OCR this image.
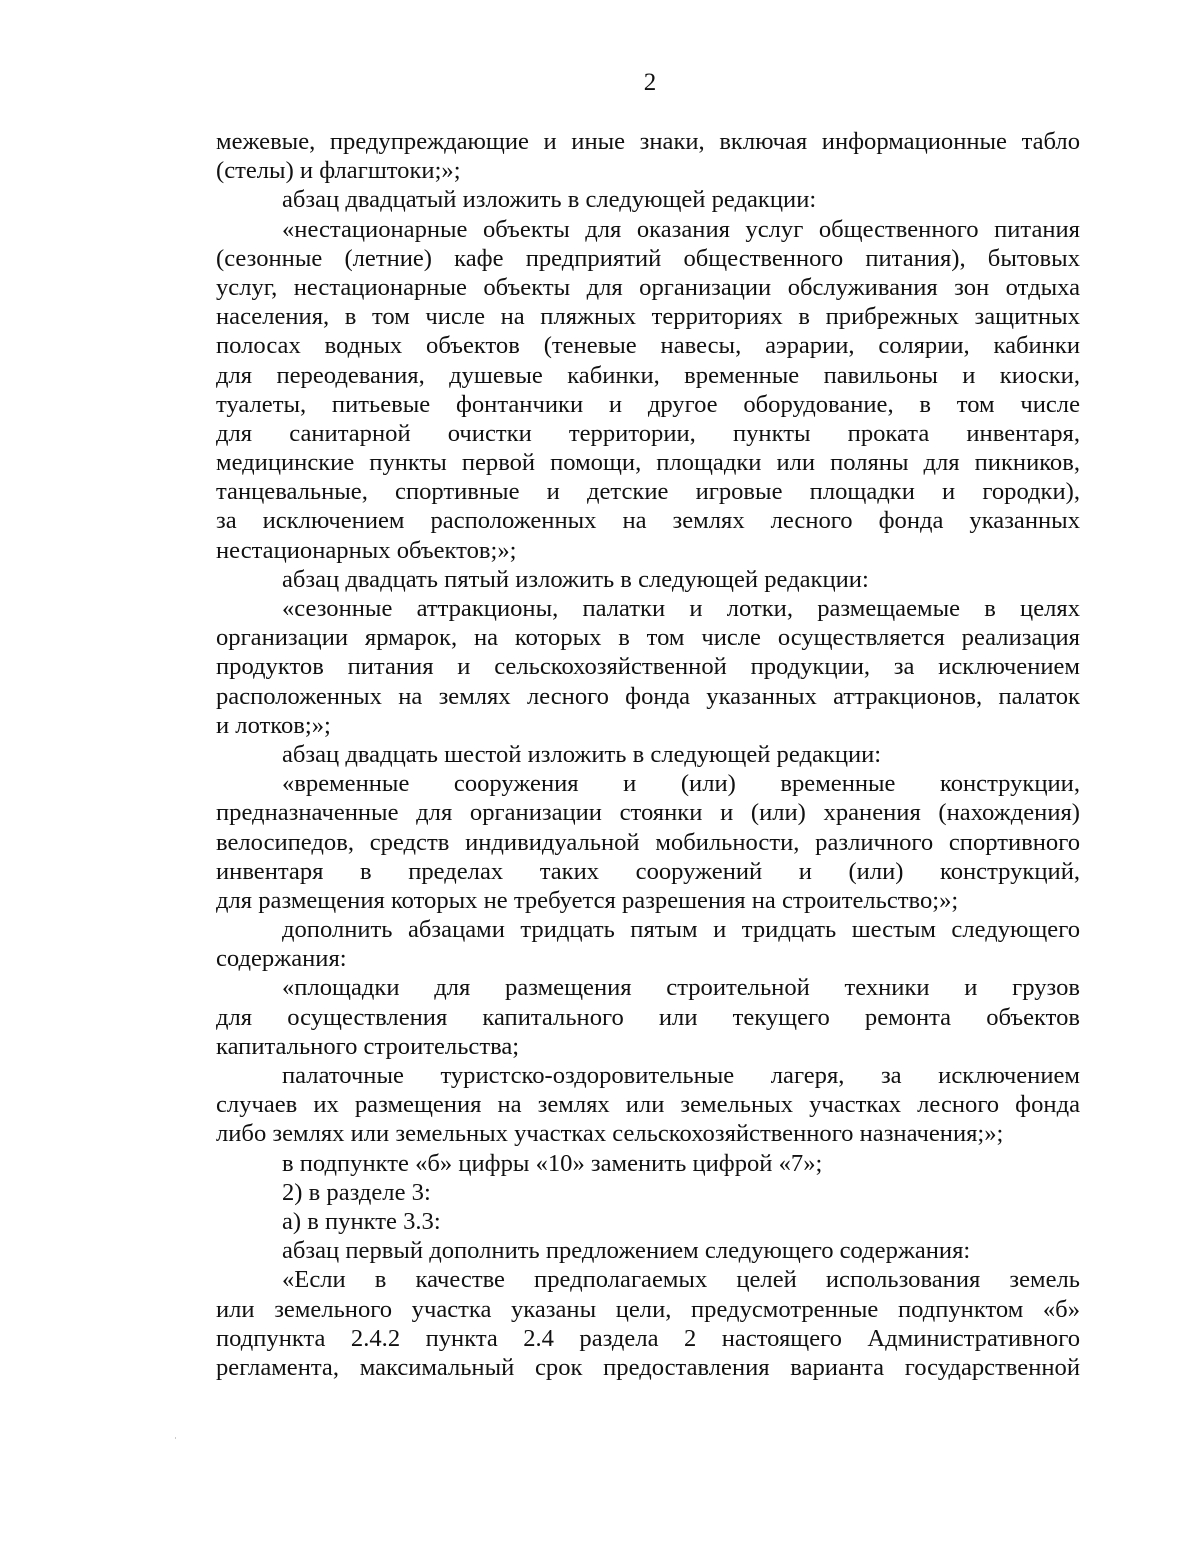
2
межевые, предупреждающие и иные знаки, включая информационные табло
(стелы) и флагштоки;»;
абзац двадцатый изложить в следующей редакции:
«нестационарные объекты для оказания услуг общественного питания
(сезонные (летние) кафе предприятий общественного питания), бытовых
услуг, нестационарные объекты для организации обслуживания зон отдыха
населения, в том числе на пляжных территориях в прибрежных защитных
полосах водных объектов (теневые навесы, аэрарии, солярии, кабинки
для переодевания, душевые кабинки, временные павильоны и киоски,
туалеты, питьевые фонтанчики и другое оборудование, в том числе
для санитарной очистки территории, пункты проката инвентаря,
медицинские пункты первой помощи, площадки или поляны для пикников,
танцевальные, спортивные и детские игровые площадки и городки),
за исключением расположенных на землях лесного фонда указанных
нестационарных объектов;»;
абзац двадцать пятый изложить в следующей редакции:
«сезонные аттракционы, палатки и лотки, размещаемые в целях
организации ярмарок, на которых в том числе осуществляется реализация
продуктов питания и сельскохозяйственной продукции, за исключением
расположенных на землях лесного фонда указанных аттракционов, палаток
и лотков;»;
абзац двадцать шестой изложить в следующей редакции:
«временные сооружения и (или) временные конструкции,
предназначенные для организации стоянки и (или) хранения (нахождения)
велосипедов, средств индивидуальной мобильности, различного спортивного
инвентаря в пределах таких сооружений и (или) конструкций,
для размещения которых не требуется разрешения на строительство;»;
дополнить абзацами тридцать пятым и тридцать шестым следующего
содержания:
«площадки для размещения строительной техники и грузов
для осуществления капитального или текущего ремонта объектов
капитального строительства;
палаточные туристско-оздоровительные лагеря, за исключением
случаев их размещения на землях или земельных участках лесного фонда
либо землях или земельных участках сельскохозяйственного назначения;»;
в подпункте «б» цифры «10» заменить цифрой «7»;
2) в разделе 3:
а) в пункте 3.3:
абзац первый дополнить предложением следующего содержания:
«Если в качестве предполагаемых целей использования земель
или земельного участка указаны цели, предусмотренные подпунктом «б»
подпункта 2.4.2 пункта 2.4 раздела 2 настоящего Административного
регламента, максимальный срок предоставления варианта государственной
